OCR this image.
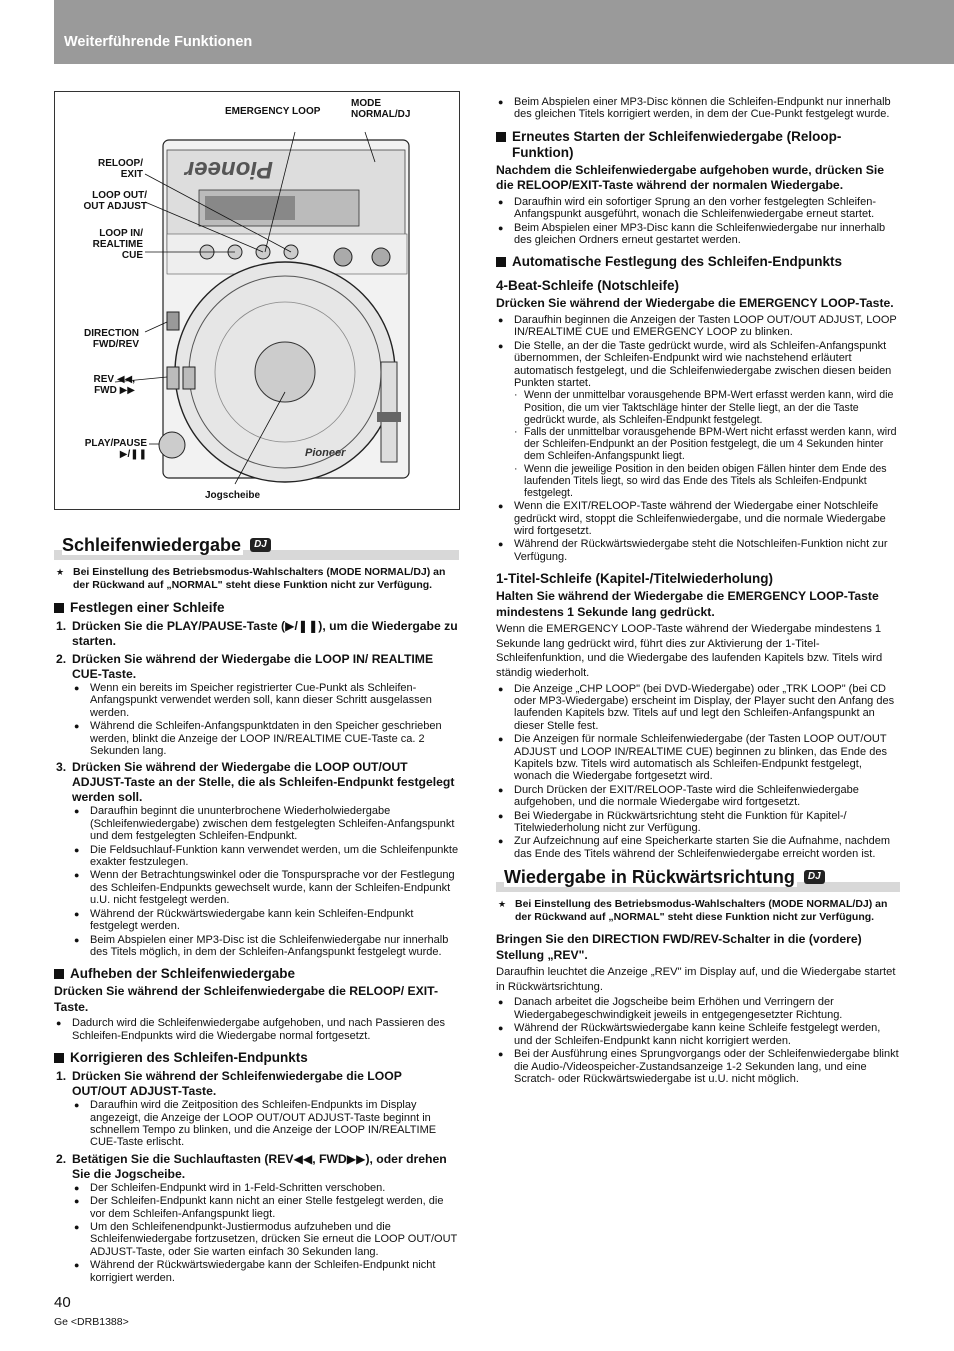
Weiterführende Funktionen
Pioneer
Pioneer
EMERGENCY LOOP
MODE
NORMAL/DJ
RELOOP/
EXIT
LOOP OUT/
OUT ADJUST
LOOP IN/
REALTIME
CUE
DIRECTION
FWD/REV
REV ◀◀,
FWD ▶▶
PLAY/PAUSE
▶/❚❚
Jogscheibe
Schleifenwiedergabe	DJ
★ Bei Einstellung des Betriebsmodus-Wahlschalters (MODE NORMAL/DJ) an der Rückwand auf „NORMAL" steht diese Funktion nicht zur Verfügung.
Festlegen einer Schleife
1. Drücken Sie die PLAY/PAUSE-Taste (▶/❚❚), um die Wiedergabe zu starten.
2. Drücken Sie während der Wiedergabe die LOOP IN/ REALTIME CUE-Taste.
● Wenn ein bereits im Speicher registrierter Cue-Punkt als Schleifen-Anfangspunkt verwendet werden soll, kann dieser Schritt ausgelassen werden.
● Während die Schleifen-Anfangspunktdaten in den Speicher geschrieben werden, blinkt die Anzeige der LOOP IN/REALTIME CUE-Taste ca. 2 Sekunden lang.
3. Drücken Sie während der Wiedergabe die LOOP OUT/OUT ADJUST-Taste an der Stelle, die als Schleifen-Endpunkt festgelegt werden soll.
● Daraufhin beginnt die ununterbrochene Wiederholwiedergabe (Schleifenwiedergabe) zwischen dem festgelegten Schleifen-Anfangspunkt und dem festgelegten Schleifen-Endpunkt.
● Die Feldsuchlauf-Funktion kann verwendet werden, um die Schleifenpunkte exakter festzulegen.
● Wenn der Betrachtungswinkel oder die Tonspursprache vor der Festlegung des Schleifen-Endpunkts gewechselt wurde, kann der Schleifen-Endpunkt u.U. nicht festgelegt werden.
● Während der Rückwärtswiedergabe kann kein Schleifen-Endpunkt festgelegt werden.
● Beim Abspielen einer MP3-Disc ist die Schleifenwiedergabe nur innerhalb des Titels möglich, in dem der Schleifen-Anfangspunkt festgelegt wurde.
Aufheben der Schleifenwiedergabe
Drücken Sie während der Schleifenwiedergabe die RELOOP/ EXIT-Taste.
● Dadurch wird die Schleifenwiedergabe aufgehoben, und nach Passieren des Schleifen-Endpunkts wird die Wiedergabe normal fortgesetzt.
Korrigieren des Schleifen-Endpunkts
1. Drücken Sie während der Schleifenwiedergabe die LOOP OUT/OUT ADJUST-Taste.
● Daraufhin wird die Zeitposition des Schleifen-Endpunkts im Display angezeigt, die Anzeige der LOOP OUT/OUT ADJUST-Taste beginnt in schnellem Tempo zu blinken, und die Anzeige der LOOP IN/REALTIME CUE-Taste erlischt.
2. Betätigen Sie die Suchlauftasten (REV◀◀, FWD▶▶), oder drehen Sie die Jogscheibe.
● Der Schleifen-Endpunkt wird in 1-Feld-Schritten verschoben.
● Der Schleifen-Endpunkt kann nicht an einer Stelle festgelegt werden, die vor dem Schleifen-Anfangspunkt liegt.
● Um den Schleifenendpunkt-Justiermodus aufzuheben und die Schleifenwiedergabe fortzusetzen, drücken Sie erneut die LOOP OUT/OUT ADJUST-Taste, oder Sie warten einfach 30 Sekunden lang.
● Während der Rückwärtswiedergabe kann der Schleifen-Endpunkt nicht korrigiert werden.
● Beim Abspielen einer MP3-Disc können die Schleifen-Endpunkt nur innerhalb des gleichen Titels korrigiert werden, in dem der Cue-Punkt festgelegt wurde.
Erneutes Starten der Schleifenwiedergabe (Reloop-Funktion)
Nachdem die Schleifenwiedergabe aufgehoben wurde, drücken Sie die RELOOP/EXIT-Taste während der normalen Wiedergabe.
● Daraufhin wird ein sofortiger Sprung an den vorher festgelegten Schleifen-Anfangspunkt ausgeführt, wonach die Schleifenwiedergabe erneut startet.
● Beim Abspielen einer MP3-Disc kann die Schleifenwiedergabe nur innerhalb des gleichen Ordners erneut gestartet werden.
Automatische Festlegung des Schleifen-Endpunkts
4-Beat-Schleife (Notschleife)
Drücken Sie während der Wiedergabe die EMERGENCY LOOP-Taste.
● Daraufhin beginnen die Anzeigen der Tasten LOOP OUT/OUT ADJUST, LOOP IN/REALTIME CUE und EMERGENCY LOOP zu blinken.
● Die Stelle, an der die Taste gedrückt wurde, wird als Schleifen-Anfangspunkt übernommen, der Schleifen-Endpunkt wird wie nachstehend erläutert automatisch festgelegt, und die Schleifenwiedergabe zwischen diesen beiden Punkten startet.
· Wenn der unmittelbar vorausgehende BPM-Wert erfasst werden kann, wird die Position, die um vier Taktschläge hinter der Stelle liegt, an der die Taste gedrückt wurde, als Schleifen-Endpunkt festgelegt.
· Falls der unmittelbar vorausgehende BPM-Wert nicht erfasst werden kann, wird der Schleifen-Endpunkt an der Position festgelegt, die um 4 Sekunden hinter dem Schleifen-Anfangspunkt liegt.
· Wenn die jeweilige Position in den beiden obigen Fällen hinter dem Ende des laufenden Titels liegt, so wird das Ende des Titels als Schleifen-Endpunkt festgelegt.
● Wenn die EXIT/RELOOP-Taste während der Wiedergabe einer Notschleife gedrückt wird, stoppt die Schleifenwiedergabe, und die normale Wiedergabe wird fortgesetzt.
● Während der Rückwärtswiedergabe steht die Notschleifen-Funktion nicht zur Verfügung.
1-Titel-Schleife (Kapitel-/Titelwiederholung)
Halten Sie während der Wiedergabe die EMERGENCY LOOP-Taste mindestens 1 Sekunde lang gedrückt.
Wenn die EMERGENCY LOOP-Taste während der Wiedergabe mindestens 1 Sekunde lang gedrückt wird, führt dies zur Aktivierung der 1-Titel-Schleifenfunktion, und die Wiedergabe des laufenden Kapitels bzw. Titels wird ständig wiederholt.
● Die Anzeige „CHP LOOP" (bei DVD-Wiedergabe) oder „TRK LOOP" (bei CD oder MP3-Wiedergabe) erscheint im Display, der Player sucht den Anfang des laufenden Kapitels bzw. Titels auf und legt den Schleifen-Anfangspunkt an dieser Stelle fest.
● Die Anzeigen für normale Schleifenwiedergabe (der Tasten LOOP OUT/OUT ADJUST und LOOP IN/REALTIME CUE) beginnen zu blinken, das Ende des Kapitels bzw. Titels wird automatisch als Schleifen-Endpunkt festgelegt, wonach die Wiedergabe fortgesetzt wird.
● Durch Drücken der EXIT/RELOOP-Taste wird die Schleifenwiedergabe aufgehoben, und die normale Wiedergabe wird fortgesetzt.
● Bei Wiedergabe in Rückwärtsrichtung steht die Funktion für Kapitel-/ Titelwiederholung nicht zur Verfügung.
● Zur Aufzeichnung auf eine Speicherkarte starten Sie die Aufnahme, nachdem das Ende des Titels während der Schleifenwiedergabe erreicht worden ist.
Wiedergabe in Rückwärtsrichtung	DJ
★ Bei Einstellung des Betriebsmodus-Wahlschalters (MODE NORMAL/DJ) an der Rückwand auf „NORMAL" steht diese Funktion nicht zur Verfügung.
Bringen Sie den DIRECTION FWD/REV-Schalter in die (vordere) Stellung „REV".
Daraufhin leuchtet die Anzeige „REV" im Display auf, und die Wiedergabe startet in Rückwärtsrichtung.
● Danach arbeitet die Jogscheibe beim Erhöhen und Verringern der Wiedergabegeschwindigkeit jeweils in entgegengesetzter Richtung.
● Während der Rückwärtswiedergabe kann keine Schleife festgelegt werden, und der Schleifen-Endpunkt kann nicht korrigiert werden.
● Bei der Ausführung eines Sprungvorgangs oder der Schleifenwiedergabe blinkt die Audio-/Videospeicher-Zustandsanzeige 1-2 Sekunden lang, und eine Scratch- oder Rückwärtswiedergabe ist u.U. nicht möglich.
40
Ge <DRB1388>
